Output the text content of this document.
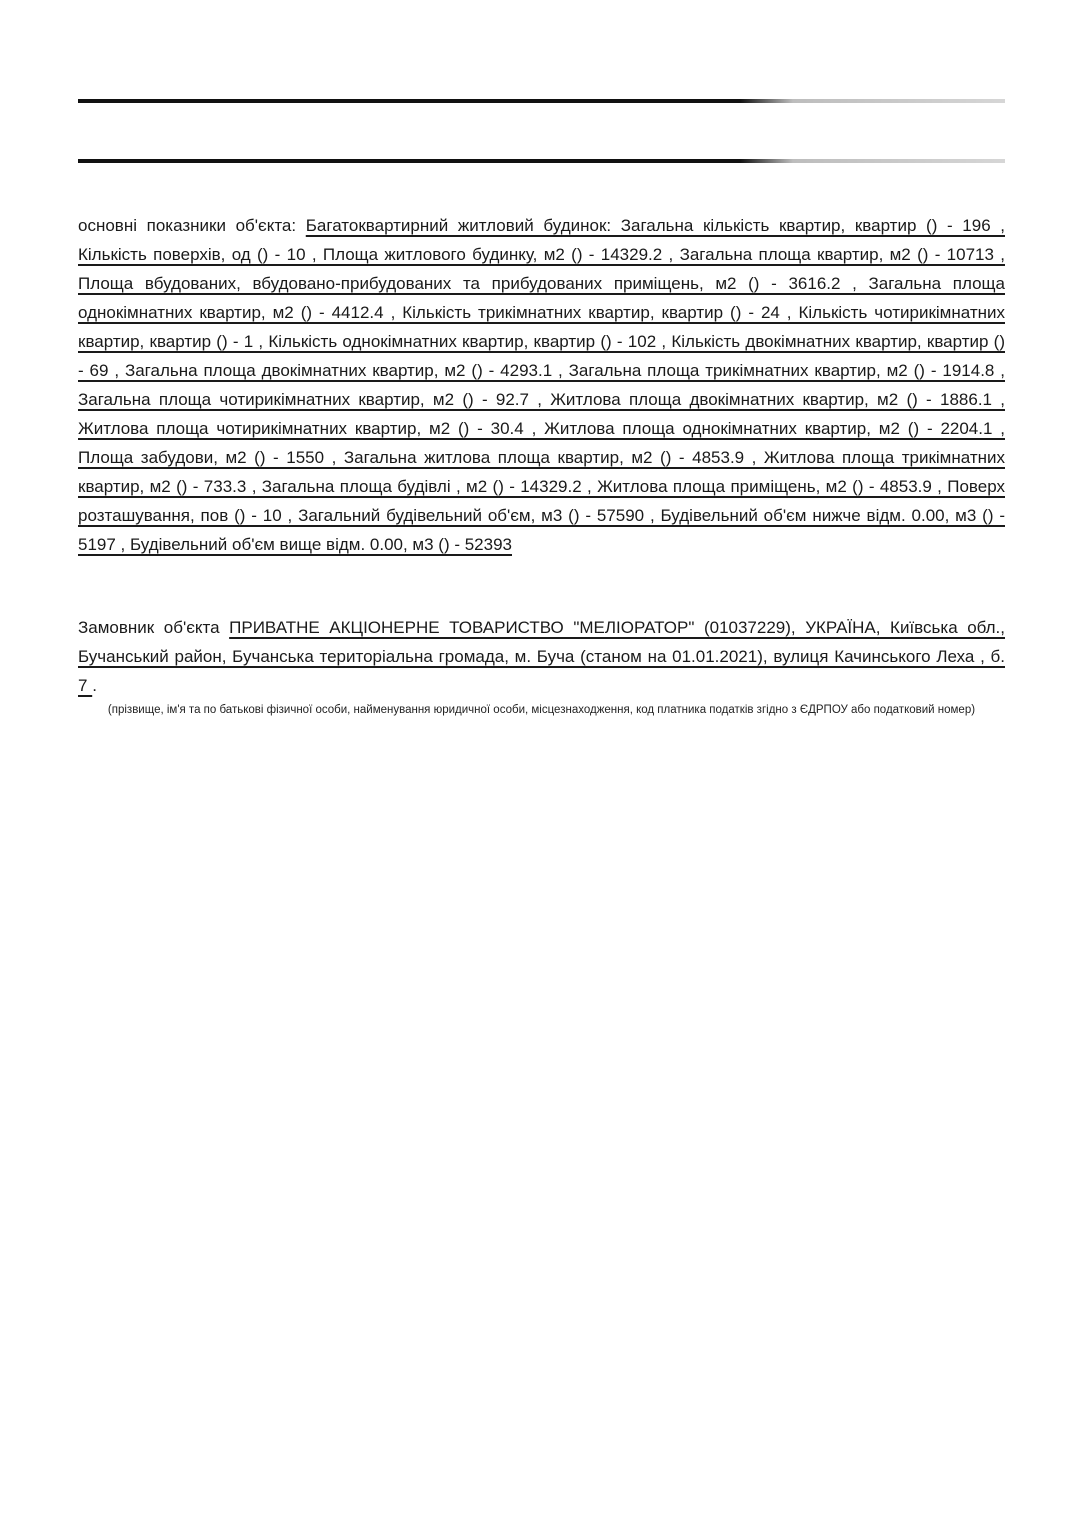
основні показники об'єкта: Багатоквартирний житловий будинок: Загальна кількість квартир, квартир () - 196 , Кількість поверхів, од () - 10 , Площа житлового будинку, м2 () - 14329.2 , Загальна площа квартир, м2 () - 10713 , Площа вбудованих, вбудовано-прибудованих та прибудованих приміщень, м2 () - 3616.2 , Загальна площа однокімнатних квартир, м2 () - 4412.4 , Кількість трикімнатних квартир, квартир () - 24 , Кількість чотирикімнатних квартир, квартир () - 1 , Кількість однокімнатних квартир, квартир () - 102 , Кількість двокімнатних квартир, квартир () - 69 , Загальна площа двокімнатних квартир, м2 () - 4293.1 , Загальна площа трикімнатних квартир, м2 () - 1914.8 , Загальна площа чотирикімнатних квартир, м2 () - 92.7 , Житлова площа двокімнатних квартир, м2 () - 1886.1 , Житлова площа чотирикімнатних квартир, м2 () - 30.4 , Житлова площа однокімнатних квартир, м2 () - 2204.1 , Площа забудови, м2 () - 1550 , Загальна житлова площа квартир, м2 () - 4853.9 , Житлова площа трикімнатних квартир, м2 () - 733.3 , Загальна площа будівлі , м2 () - 14329.2 , Житлова площа приміщень, м2 () - 4853.9 , Поверх розташування, пов () - 10 , Загальний будівельний об'єм, м3 () - 57590 , Будівельний об'єм нижче відм. 0.00, м3 () - 5197 , Будівельний об'єм вище відм. 0.00, м3 () - 52393

Замовник об'єкта ПРИВАТНЕ АКЦІОНЕРНЕ ТОВАРИСТВО "МЕЛІОРАТОР" (01037229), УКРАЇНА, Київська обл., Бучанський район, Бучанська територіальна громада, м. Буча (станом на 01.01.2021), вулиця Качинського Леха , б. 7 .

(прізвище, ім'я та по батькові фізичної особи, найменування юридичної особи, місцезнаходження, код платника податків згідно з ЄДРПОУ або податковий номер)
